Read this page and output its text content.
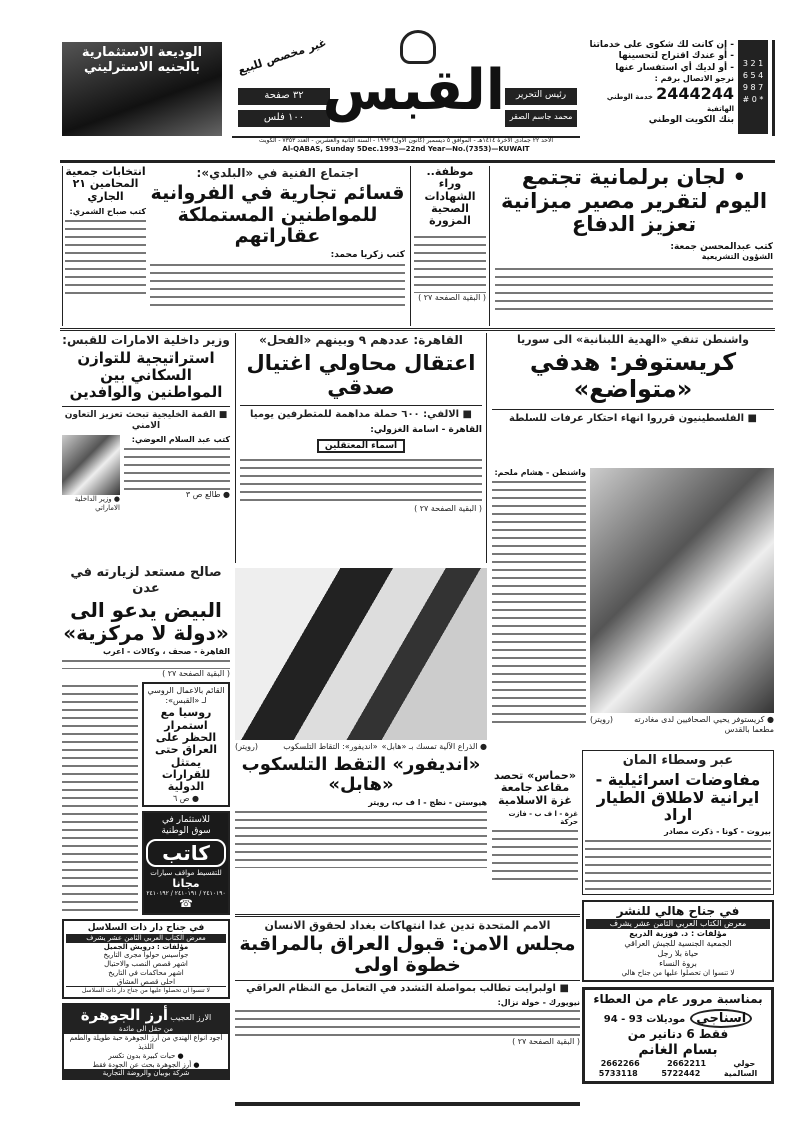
الوديعة الاستثمارية
بالجنيه الاسترليني	غير مخصص للبيع
٣٢ صفحة
١٠٠ فلس القبس	رئيس التحرير
محمد جاسم الصقر
1 2 3 4 5 6 7 8 9 * 0 #
- إن كانت لك شكوى على خدماتنا
- أو عندك اقتراح لتحسينها
- أو لديك أي استفسار عنها
نرجو الاتصال برقم :
2444244 خدمة الوطني الهاتفية
بنك الكويت الوطني
الاحد ٢٢ جمادى الآخرة ١٤١٤هـ - الموافق ٥ ديسمبر (كانون الاول) ١٩٩٣ - السنة الثانية والعشرين - العدد ٧٣٥٣ - الكويت
Al-QABAS, Sunday 5Dec.1993—22nd Year—No.(7353)—KUWAIT
• لجان برلمانية تجتمع اليوم لتقرير مصير ميزانية تعزيز الدفاع
كتب عبدالمحسن جمعة:
الشؤون التشريعية
موظفة.. وراء الشهادات الصحية المزورة
( البقية الصفحة ٢٧ )
اجتماع الفنية في «البلدي»:
قسائم تجارية في الفروانية للمواطنين المستملكة عقاراتهم
كتب زكريا محمد:
انتخابات جمعية المحامين ٢١ الجاري
كتب صباح الشمري:
واشنطن تنفي «الهدية اللبنانية» الى سوريا
كريستوفر: هدفي «متواضع»
■ الفلسطينيون قرروا انهاء احتكار عرفات للسلطة
واشنطن - هشام ملحم:
● كريستوفر يحيي الصحافيين لدى مغادرته مطعما بالقدس
(رويتر)
القاهرة: عددهم ٩ وبينهم «الفحل»
اعتقال محاولي اغتيال صدقي
■ الالفي: ٦٠٠ حملة مداهمة للمتطرفين يوميا
القاهرة - اسامة الغزولي:
اسماء المعتقلين
( البقية الصفحة ٢٧ )
وزير داخلية الامارات للقبس:
استراتيجية للتوازن السكاني بين المواطنين والوافدين
■ القمة الخليجية تبحث تعزيز التعاون الامني
كتب عبد السلام العوضي:
● طالع ص ٣
● وزير الداخلية الاماراتي
صالح مستعد لزيارته في عدن
البيض يدعو الى «دولة لا مركزية»
القاهرة - صحف ، وكالات - اعرب
( البقية الصفحة ٢٧ )
القائم بالاعمال الروسي لـ «القبس»:
روسيا مع استمرار الحظر على العراق حتى يمتثل للقرارات الدولية
● ص ٦
للاستثمار في
سوق الوطنية
كاتب
للتقسيط مواقف سيارات
مجانا
٢٤١٠١٩٠ / ٢٤١٠١٩١ / ٢٤١٠١٩٢
☎
في جناح دار ذات السلاسل
معرض الكتاب العربي الثامن عشر يشرف
مؤلفات : درويش الجميل
جواسيس حولوا مجرى التاريخ
اشهر قصص النصب والاحتيال
اشهر محاكمات في التاريخ
احلى قصص العشاق
لا تنسوا ان تحصلوا عليها من جناح دار ذات السلاسل
الارز العجيب أرز الجوهرة
من حقل الى مائدة
أجود انواع الهندي من أرز الجوهرة حبة طويلة والطعم اللذيذ
● حبات كبيرة بدون تكسر
● أرز الجوهرة بحث عن الجودة فقط
شركة بوبيان والروضة التجارية
● الذراع الآلية تمسك بـ «هابل»
«انديفور»: التقاط التلسكوب
(رويتر)
«انديفور» التقط التلسكوب «هابل»
هيوستن - نظج - ا ف ب، رويتر
«حماس» تحصد مقاعد جامعة غزة الاسلامية
غزة - ا ف ب - فازت حركة
عبر وسطاء المان
مفاوضات اسرائيلية - ايرانية لاطلاق الطيار اراد
بيروت - كونا - ذكرت مصادر
في جناح هالي للنشر
معرض الكتاب العربي الثامن عشر يشرف
مؤلفات : د. فوزية الدريع
الجمعية الجنسية للجيش العراقي
حياة بلا رجل
بروة النساء
لا تنسوا ان تحصلوا عليها من جناح هالي
بمناسبة مرور عام من العطاء
اسناجي موديلات 93 - 94
فقط 6 دنانير من
بسام الغانم
حولي
2662211
2662266
السالمية
5722442
5733118
الامم المتحدة تدين غدا انتهاكات بغداد لحقوق الانسان
مجلس الامن: قبول العراق بالمراقبة خطوة اولى
■ اولبرايت تطالب بمواصلة التشدد في التعامل مع النظام العراقي
نيويورك - خولة نزال:
( البقية الصفحة ٢٧ )
